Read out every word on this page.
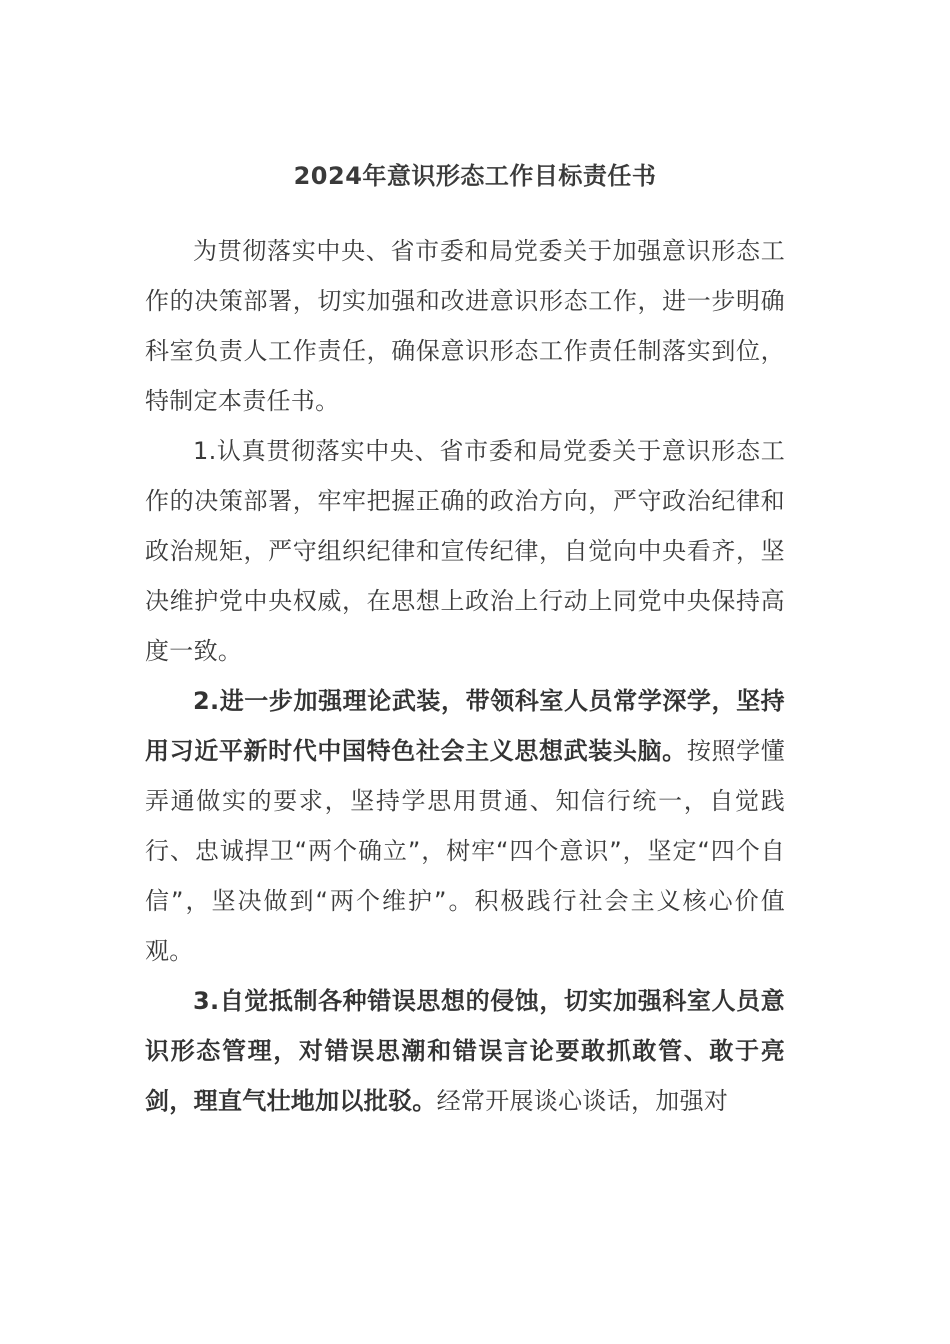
2024年意识形态工作目标责任书

为贯彻落实中央、省市委和局党委关于加强意识形态工作的决策部署，切实加强和改进意识形态工作，进一步明确科室负责人工作责任，确保意识形态工作责任制落实到位，特制定本责任书。

1.认真贯彻落实中央、省市委和局党委关于意识形态工作的决策部署，牢牢把握正确的政治方向，严守政治纪律和政治规矩，严守组织纪律和宣传纪律，自觉向中央看齐，坚决维护党中央权威，在思想上政治上行动上同党中央保持高度一致。

2.进一步加强理论武装，带领科室人员常学深学，坚持用习近平新时代中国特色社会主义思想武装头脑。按照学懂弄通做实的要求，坚持学思用贯通、知信行统一，自觉践行、忠诚捍卫“两个确立”，树牢“四个意识”，坚定“四个自信”，坚决做到“两个维护”。积极践行社会主义核心价值观。

3.自觉抵制各种错误思想的侵蚀，切实加强科室人员意识形态管理，对错误思潮和错误言论要敢抓敢管、敢于亮剑，理直气壮地加以批驳。经常开展谈心谈话，加强对
